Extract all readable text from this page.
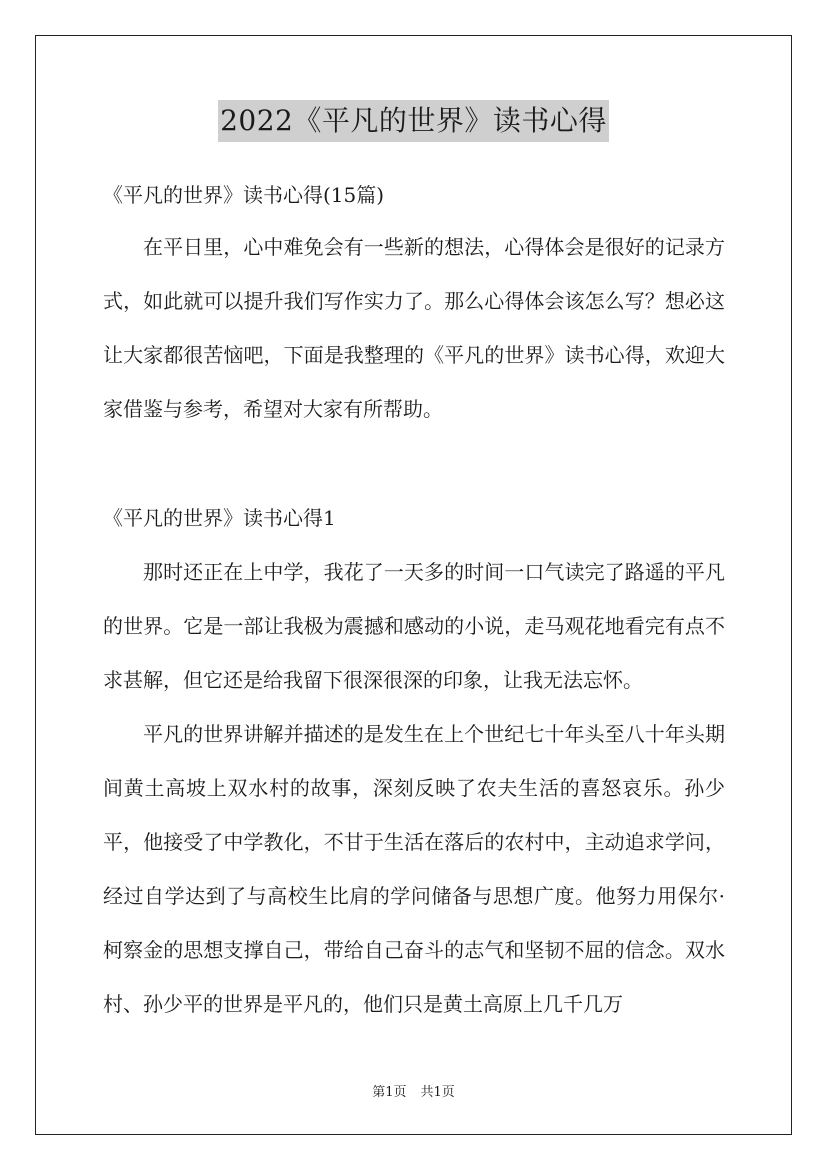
2022《平凡的世界》读书心得

《平凡的世界》读书心得(15篇)

在平日里，心中难免会有一些新的想法，心得体会是很好的记录方式，如此就可以提升我们写作实力了。那么心得体会该怎么写？想必这让大家都很苦恼吧，下面是我整理的《平凡的世界》读书心得，欢迎大家借鉴与参考，希望对大家有所帮助。

《平凡的世界》读书心得1

那时还正在上中学，我花了一天多的时间一口气读完了路遥的平凡的世界。它是一部让我极为震撼和感动的小说，走马观花地看完有点不求甚解，但它还是给我留下很深很深的印象，让我无法忘怀。

平凡的世界讲解并描述的是发生在上个世纪七十年头至八十年头期间黄土高坡上双水村的故事，深刻反映了农夫生活的喜怒哀乐。孙少平，他接受了中学教化，不甘于生活在落后的农村中，主动追求学问，经过自学达到了与高校生比肩的学问储备与思想广度。他努力用保尔·柯察金的思想支撑自己，带给自己奋斗的志气和坚韧不屈的信念。双水村、孙少平的世界是平凡的，他们只是黄土高原上几千几万

第1页 共1页
